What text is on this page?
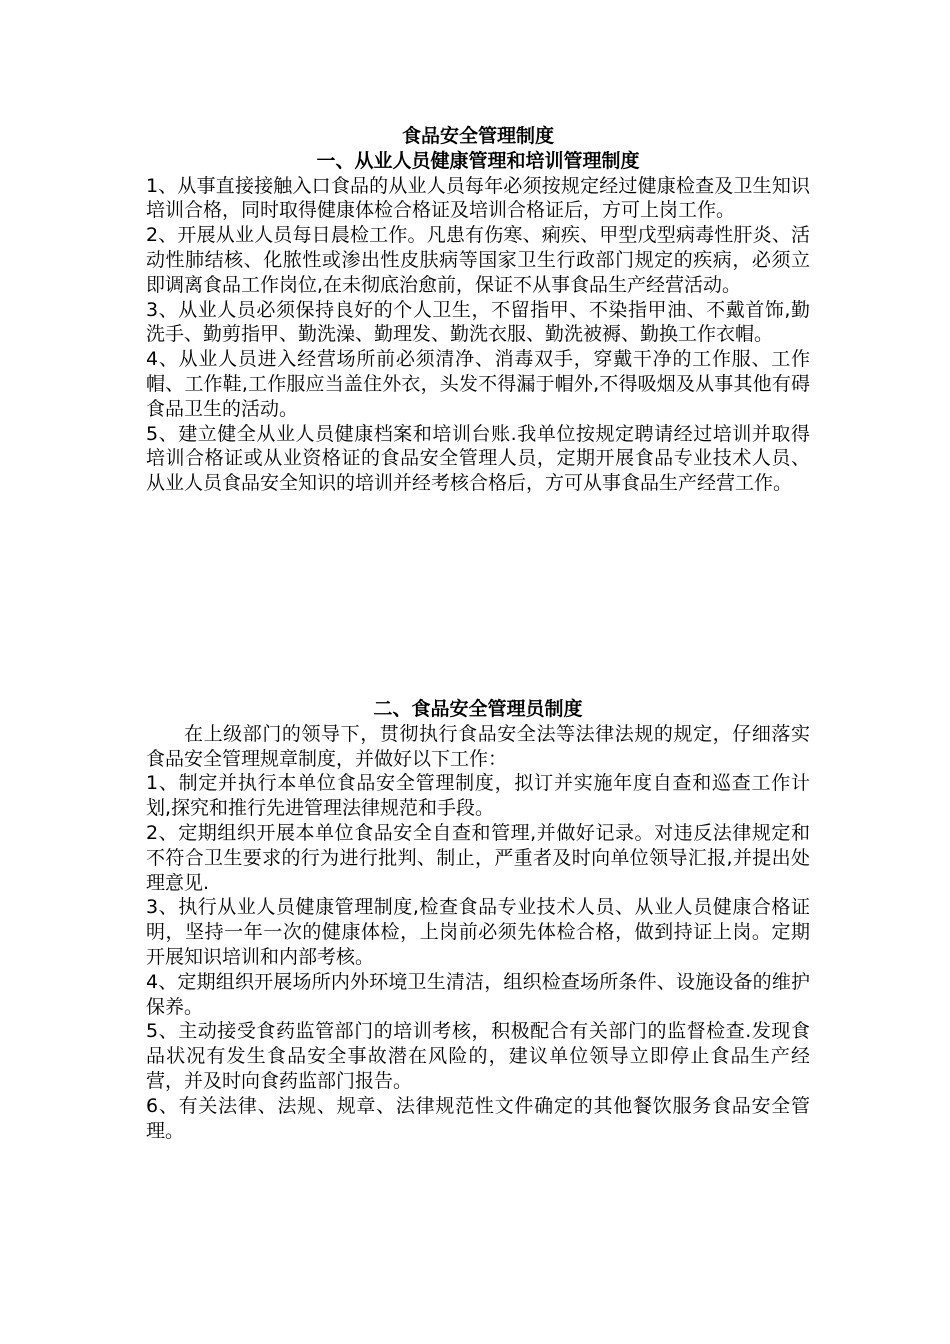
食品安全管理制度

一、从业人员健康管理和培训管理制度

1、从事直接接触入口食品的从业人员每年必须按规定经过健康检查及卫生知识培训合格，同时取得健康体检合格证及培训合格证后，方可上岗工作。

2、开展从业人员每日晨检工作。凡患有伤寒、痢疾、甲型戊型病毒性肝炎、活动性肺结核、化脓性或渗出性皮肤病等国家卫生行政部门规定的疾病，必须立即调离食品工作岗位,在未彻底治愈前，保证不从事食品生产经营活动。

3、从业人员必须保持良好的个人卫生，不留指甲、不染指甲油、不戴首饰,勤洗手、勤剪指甲、勤洗澡、勤理发、勤洗衣服、勤洗被褥、勤换工作衣帽。

4、从业人员进入经营场所前必须清净、消毒双手，穿戴干净的工作服、工作帽、工作鞋,工作服应当盖住外衣，头发不得漏于帽外,不得吸烟及从事其他有碍食品卫生的活动。

5、建立健全从业人员健康档案和培训台账.我单位按规定聘请经过培训并取得培训合格证或从业资格证的食品安全管理人员，定期开展食品专业技术人员、从业人员食品安全知识的培训并经考核合格后，方可从事食品生产经营工作。

二、食品安全管理员制度

在上级部门的领导下，贯彻执行食品安全法等法律法规的规定，仔细落实食品安全管理规章制度，并做好以下工作：

1、制定并执行本单位食品安全管理制度，拟订并实施年度自查和巡查工作计划,探究和推行先进管理法律规范和手段。

2、定期组织开展本单位食品安全自查和管理,并做好记录。对违反法律规定和不符合卫生要求的行为进行批判、制止，严重者及时向单位领导汇报,并提出处理意见.

3、执行从业人员健康管理制度,检查食品专业技术人员、从业人员健康合格证明，坚持一年一次的健康体检，上岗前必须先体检合格，做到持证上岗。定期开展知识培训和内部考核。

4、定期组织开展场所内外环境卫生清洁，组织检查场所条件、设施设备的维护保养。

5、主动接受食药监管部门的培训考核，积极配合有关部门的监督检查.发现食品状况有发生食品安全事故潜在风险的，建议单位领导立即停止食品生产经营，并及时向食药监部门报告。

6、有关法律、法规、规章、法律规范性文件确定的其他餐饮服务食品安全管理。
